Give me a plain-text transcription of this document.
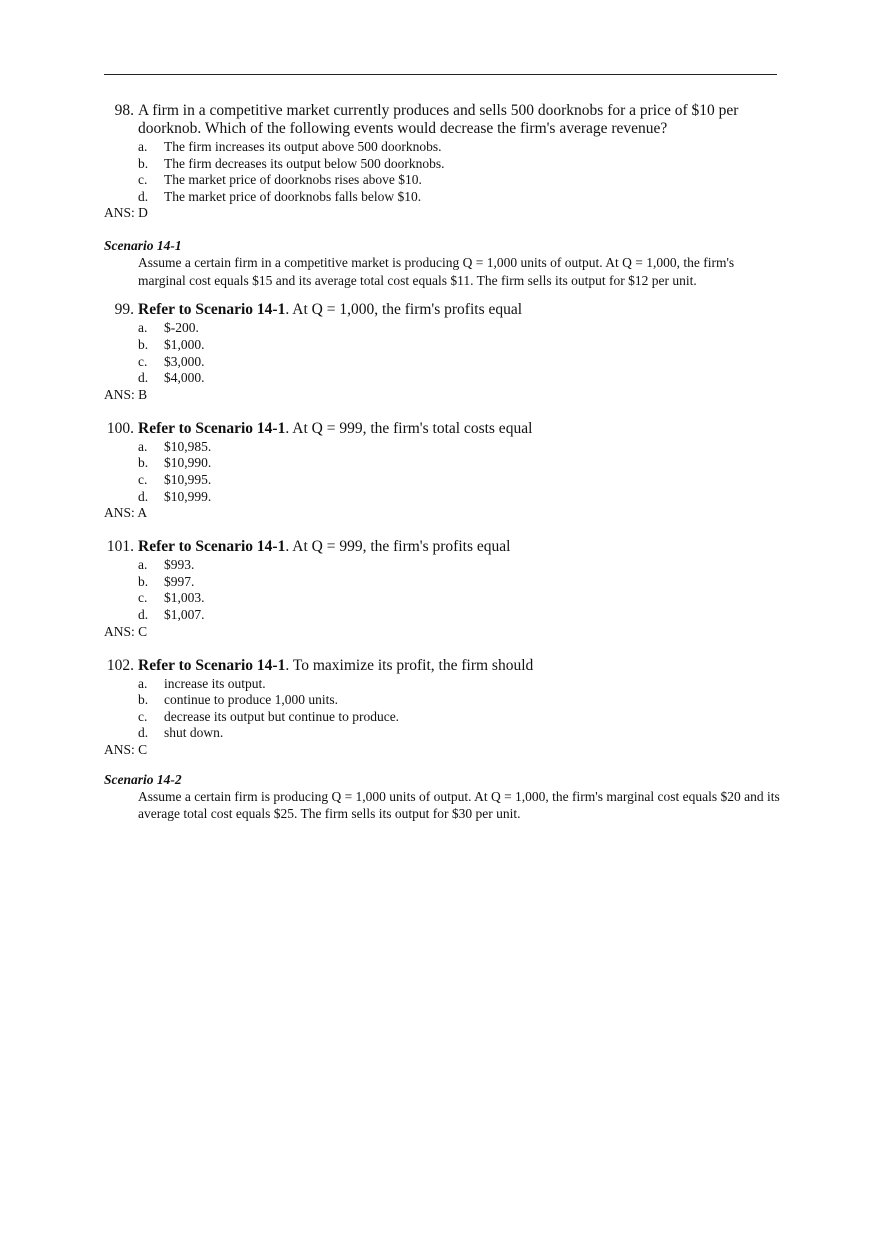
98. A firm in a competitive market currently produces and sells 500 doorknobs for a price of $10 per doorknob. Which of the following events would decrease the firm's average revenue?
a.	The firm increases its output above 500 doorknobs.
b.	The firm decreases its output below 500 doorknobs.
c.	The market price of doorknobs rises above $10.
d.	The market price of doorknobs falls below $10.
ANS: D
Scenario 14-1
Assume a certain firm in a competitive market is producing Q = 1,000 units of output. At Q = 1,000, the firm's marginal cost equals $15 and its average total cost equals $11. The firm sells its output for $12 per unit.
99. Refer to Scenario 14-1. At Q = 1,000, the firm's profits equal
a.	$-200.
b.	$1,000.
c.	$3,000.
d.	$4,000.
ANS: B
100. Refer to Scenario 14-1. At Q = 999, the firm's total costs equal
a.	$10,985.
b.	$10,990.
c.	$10,995.
d.	$10,999.
ANS: A
101. Refer to Scenario 14-1. At Q = 999, the firm's profits equal
a.	$993.
b.	$997.
c.	$1,003.
d.	$1,007.
ANS: C
102. Refer to Scenario 14-1. To maximize its profit, the firm should
a.	increase its output.
b.	continue to produce 1,000 units.
c.	decrease its output but continue to produce.
d.	shut down.
ANS: C
Scenario 14-2
Assume a certain firm is producing Q = 1,000 units of output. At Q = 1,000, the firm's marginal cost equals $20 and its average total cost equals $25. The firm sells its output for $30 per unit.
